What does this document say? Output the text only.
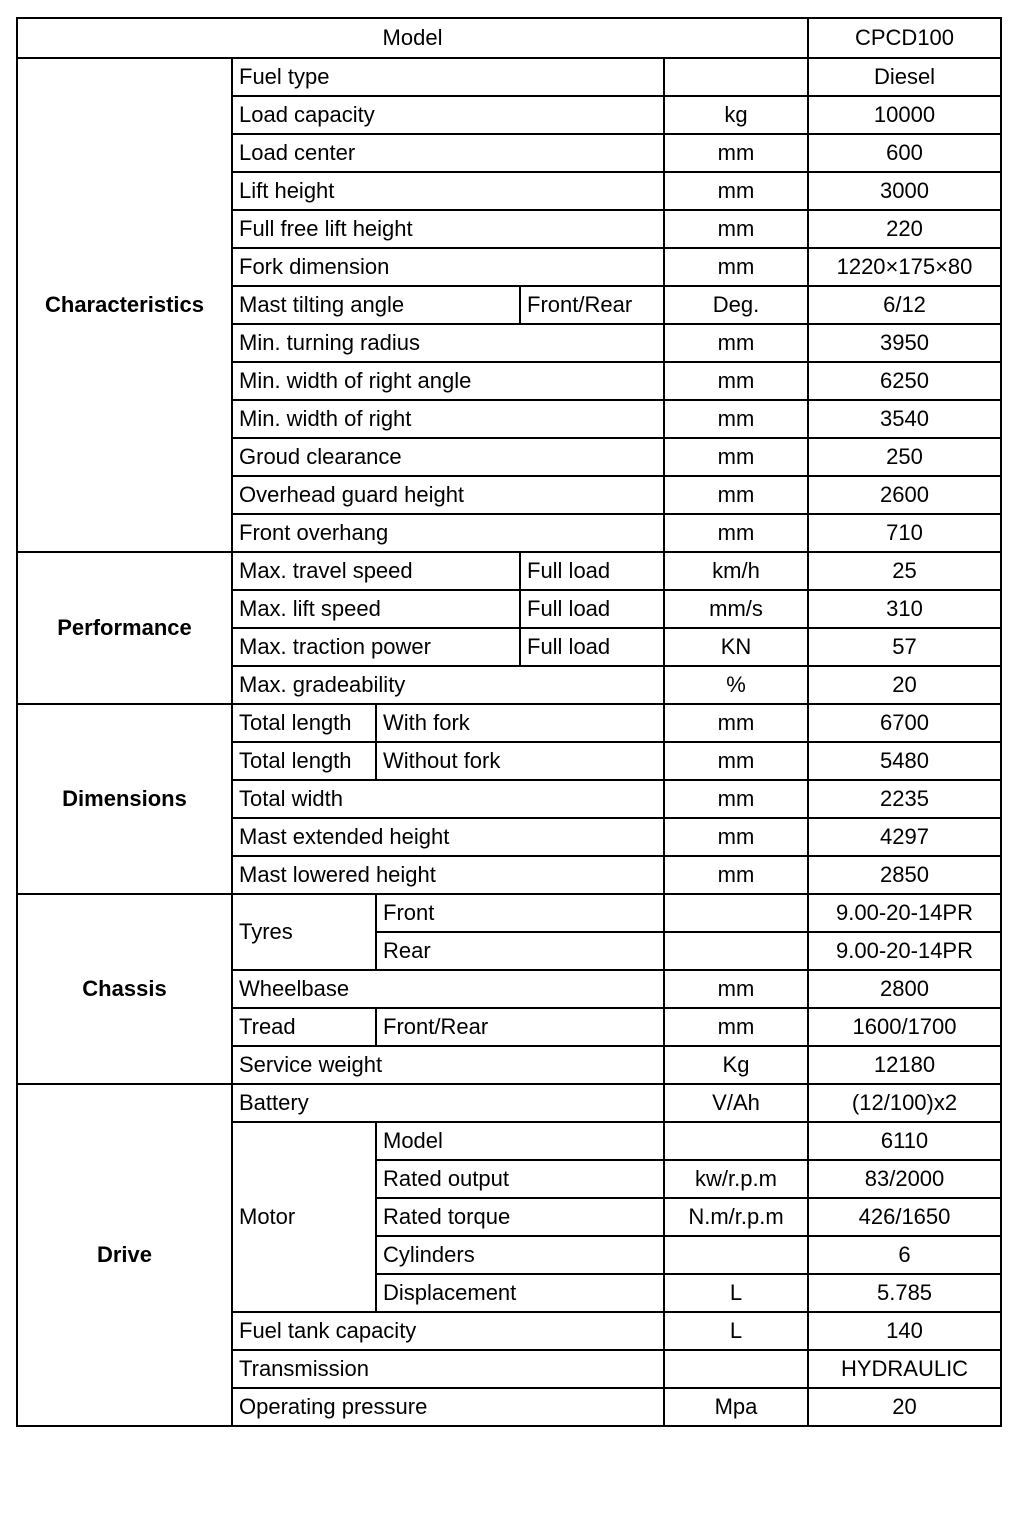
Model					CPCD100
Characteristics	Fuel type				Diesel
	Load capacity			kg	10000
	Load center			mm	600
	Lift height			mm	3000
	Full free lift height			mm	220
	Fork dimension			mm	1220×175×80
	Mast tilting angle		Front/Rear	Deg.	6/12
	Min. turning radius			mm	3950
	Min. width of right angle			mm	6250
	Min. width of right			mm	3540
	Groud clearance			mm	250
	Overhead guard height			mm	2600
	Front overhang			mm	710
Performance	Max. travel speed		Full load	km/h	25
	Max. lift speed		Full load	mm/s	310
	Max. traction power		Full load	KN	57
	Max. gradeability			%	20
Dimensions	Total length	With fork		mm	6700
	Total length	Without fork		mm	5480
	Total width			mm	2235
	Mast extended height			mm	4297
	Mast lowered height			mm	2850
Chassis	Tyres	Front			9.00-20-14PR
		Rear			9.00-20-14PR
	Wheelbase			mm	2800
	Tread	Front/Rear		mm	1600/1700
	Service weight			Kg	12180
Drive	Battery			V/Ah	(12/100)x2
	Motor	Model			6110
		Rated output		kw/r.p.m	83/2000
		Rated torque		N.m/r.p.m	426/1650
		Cylinders			6
		Displacement		L	5.785
	Fuel tank capacity			L	140
	Transmission				HYDRAULIC
	Operating pressure			Mpa	20
